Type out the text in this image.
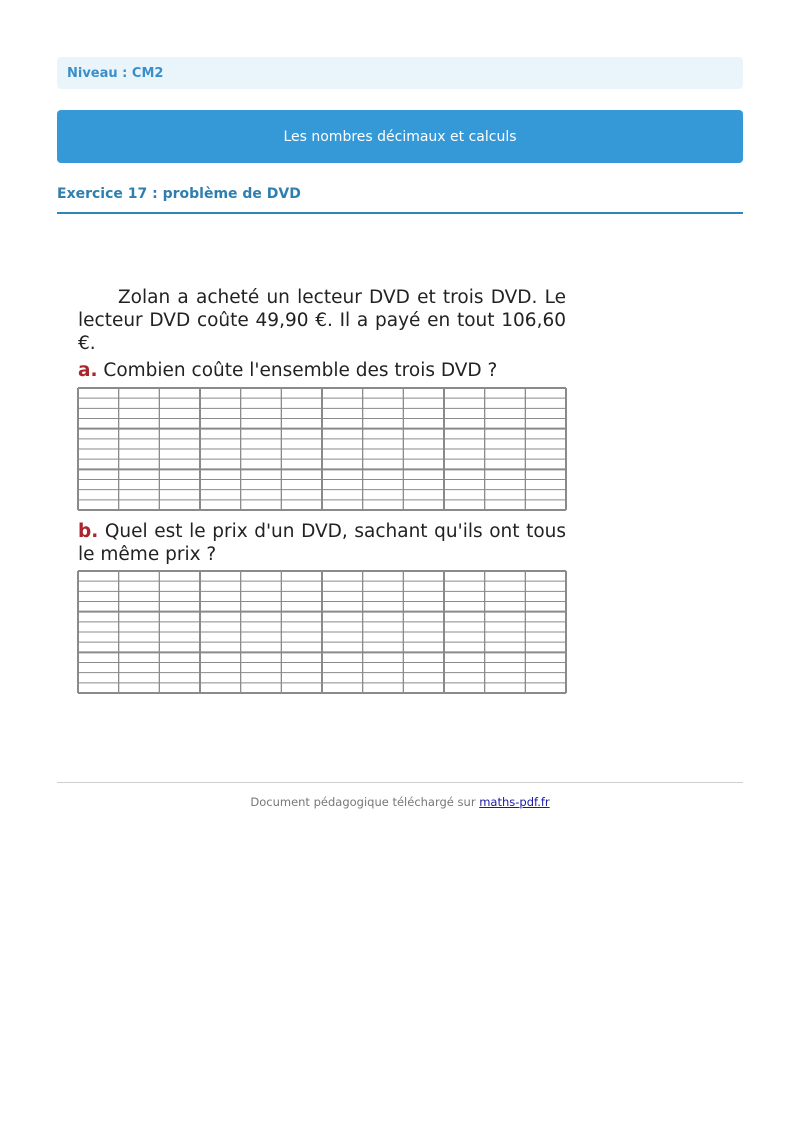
Niveau : CM2
Les nombres décimaux et calculs
Exercice 17 : problème de DVD
Zolan a acheté un lecteur DVD et trois DVD. Le lecteur DVD coûte 49,90 €. Il a payé en tout 106,60 €.
a. Combien coûte l'ensemble des trois DVD ?
b. Quel est le prix d'un DVD, sachant qu'ils ont tous le même prix ?
Document pédagogique téléchargé sur maths-pdf.fr
